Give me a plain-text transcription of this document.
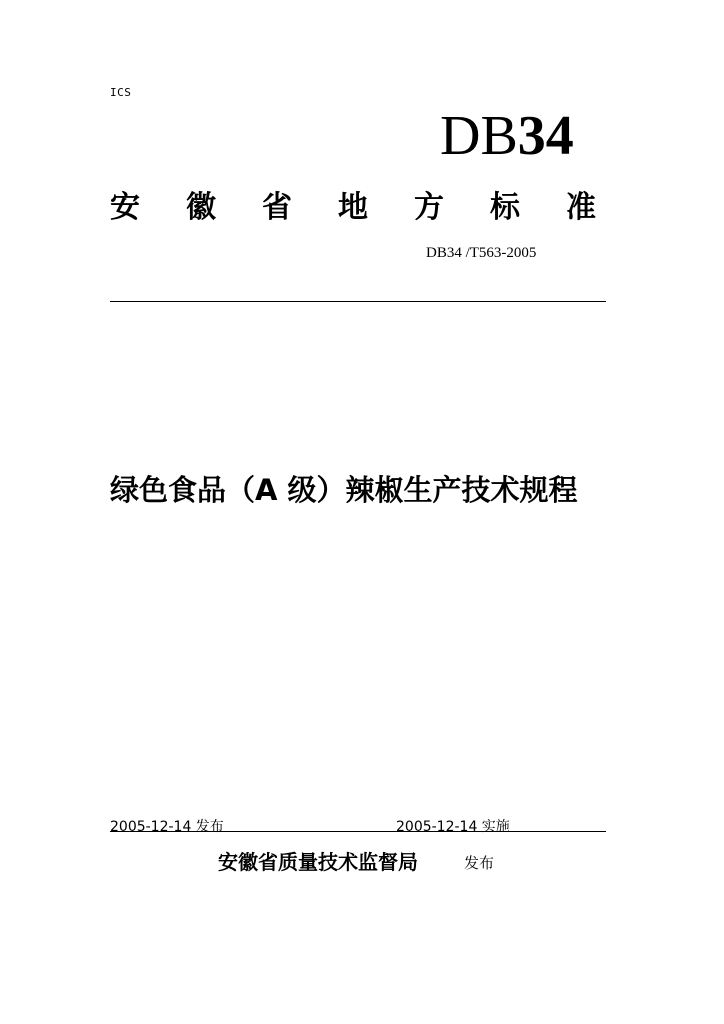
ICS
DB34
安 徽 省 地 方 标 准
DB34 /T563-2005
绿色食品（A 级）辣椒生产技术规程
2005-12-14 发布	2005-12-14 实施
安徽省质量技术监督局	发布
